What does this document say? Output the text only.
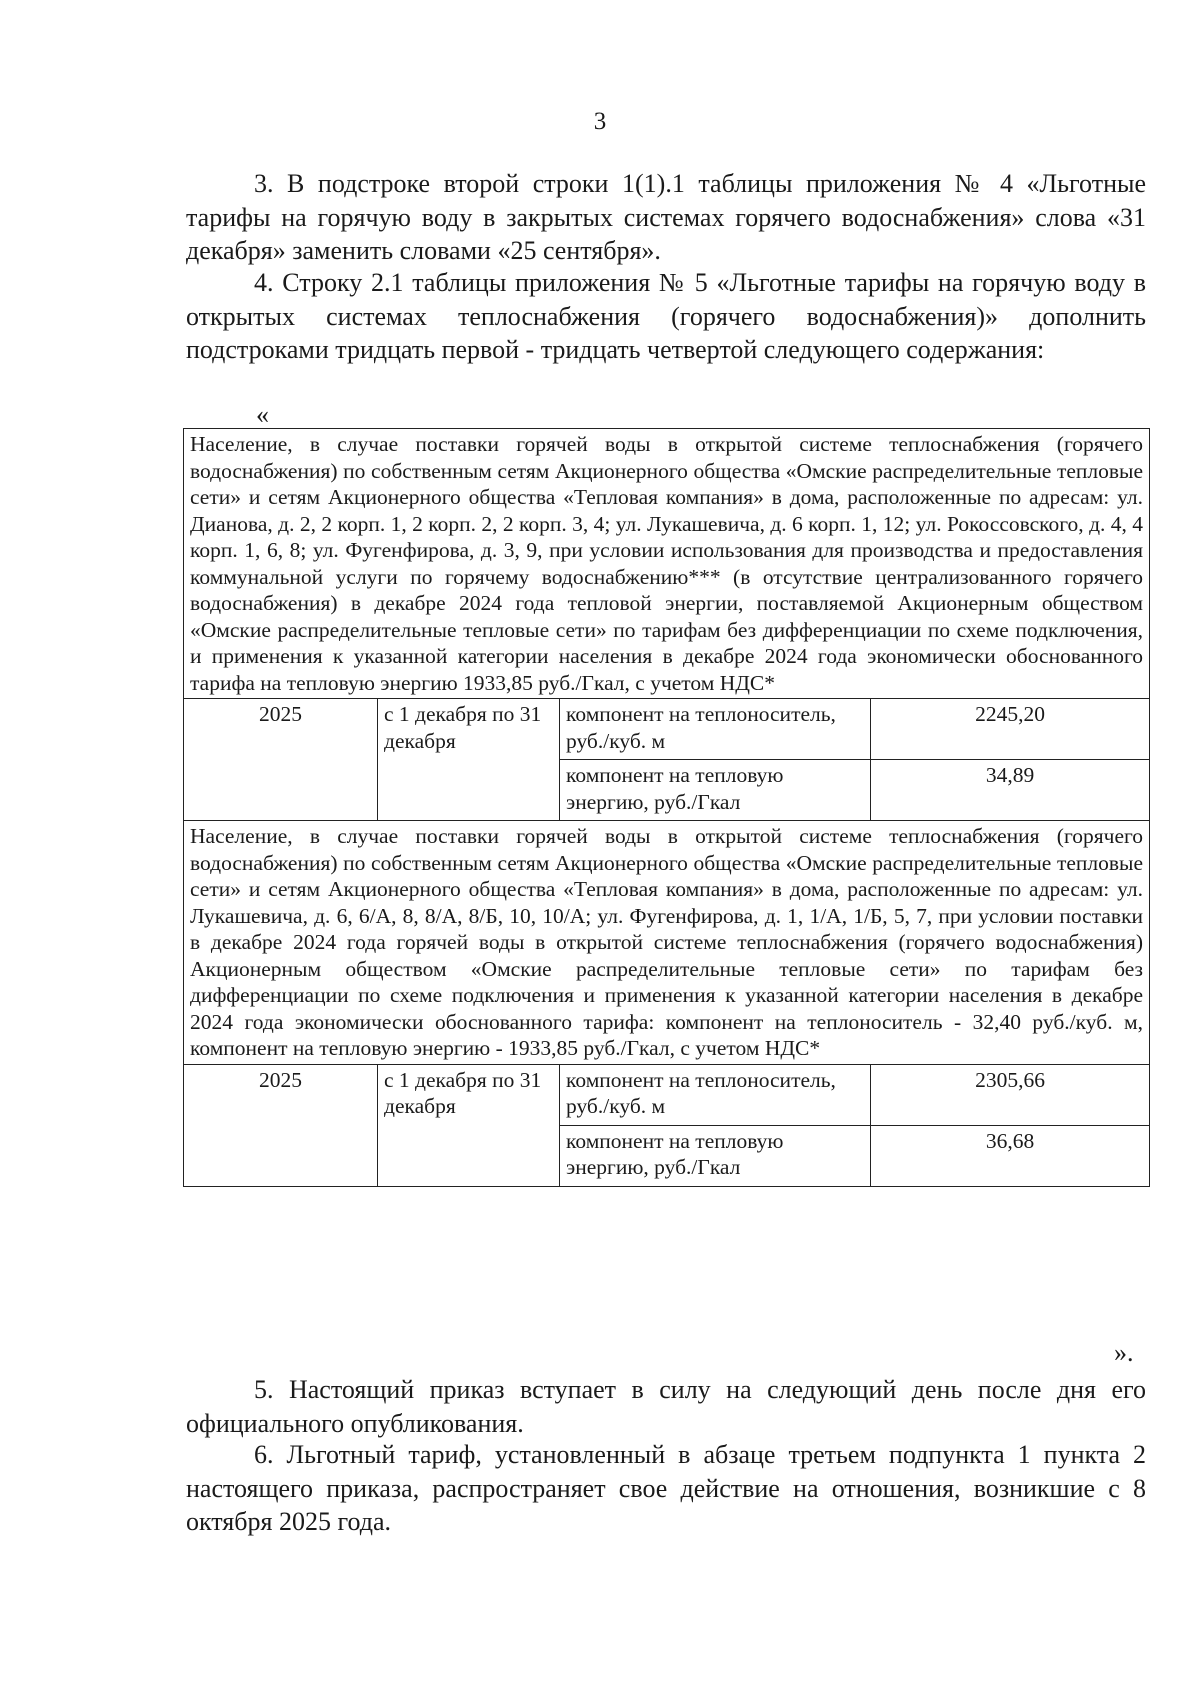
3

3. В подстроке второй строки 1(1).1 таблицы приложения № 4 «Льготные тарифы на горячую воду в закрытых системах горячего водоснабжения» слова «31 декабря» заменить словами «25 сентября».

4. Строку 2.1 таблицы приложения № 5 «Льготные тарифы на горячую воду в открытых системах теплоснабжения (горячего водоснабжения)» дополнить подстроками тридцать первой - тридцать четвертой следующего содержания:

«
Население, в случае поставки горячей воды в открытой системе теплоснабжения (горячего водоснабжения) по собственным сетям Акционерного общества «Омские распределительные тепловые сети» и сетям Акционерного общества «Тепловая компания» в дома, расположенные по адресам: ул. Дианова, д. 2, 2 корп. 1, 2 корп. 2, 2 корп. 3, 4; ул. Лукашевича, д. 6 корп. 1, 12; ул. Рокоссовского, д. 4, 4 корп. 1, 6, 8; ул. Фугенфирова, д. 3, 9, при условии использования для производства и предоставления коммунальной услуги по горячему водоснабжению*** (в отсутствие централизованного горячего водоснабжения) в декабре 2024 года тепловой энергии, поставляемой Акционерным обществом «Омские распределительные тепловые сети» по тарифам без дифференциации по схеме подключения, и применения к указанной категории населения в декабре 2024 года экономически обоснованного тарифа на тепловую энергию 1933,85 руб./Гкал, с учетом НДС*			
2025	с 1 декабря по 31 декабря	компонент на теплоноситель, руб./куб. м	2245,20
		компонент на тепловую энергию, руб./Гкал	34,89
Население, в случае поставки горячей воды в открытой системе теплоснабжения (горячего водоснабжения) по собственным сетям Акционерного общества «Омские распределительные тепловые сети» и сетям Акционерного общества «Тепловая компания» в дома, расположенные по адресам: ул. Лукашевича, д. 6, 6/А, 8, 8/А, 8/Б, 10, 10/А; ул. Фугенфирова, д. 1, 1/А, 1/Б, 5, 7, при условии поставки в декабре 2024 года горячей воды в открытой системе теплоснабжения (горячего водоснабжения) Акционерным обществом «Омские распределительные тепловые сети» по тарифам без дифференциации по схеме подключения и применения к указанной категории населения в декабре 2024 года экономически обоснованного тарифа: компонент на теплоноситель - 32,40 руб./куб. м, компонент на тепловую энергию - 1933,85 руб./Гкал, с учетом НДС*			
2025	с 1 декабря по 31 декабря	компонент на теплоноситель, руб./куб. м	2305,66
		компонент на тепловую энергию, руб./Гкал	36,68
».

5. Настоящий приказ вступает в силу на следующий день после дня его официального опубликования.

6. Льготный тариф, установленный в абзаце третьем подпункта 1 пункта 2 настоящего приказа, распространяет свое действие на отношения, возникшие с 8 октября 2025 года.
